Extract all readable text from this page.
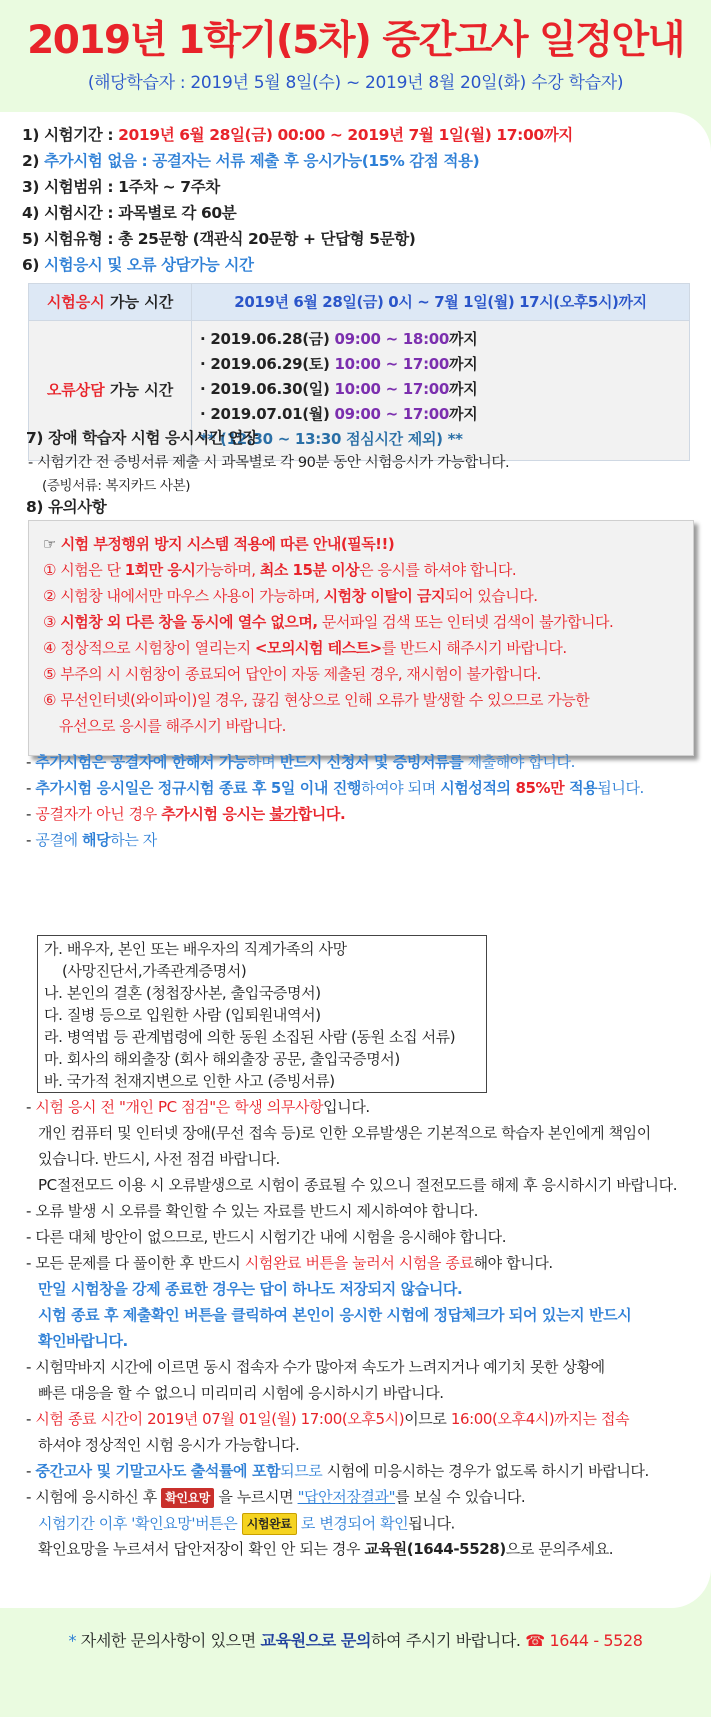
2019년 1학기(5차) 중간고사 일정안내
(해당학습자 : 2019년 5월 8일(수) ~ 2019년 8월 20일(화) 수강 학습자)
1) 시험기간 : 2019년 6월 28일(금) 00:00 ~ 2019년 7월 1일(월) 17:00까지
2) 추가시험 없음 : 공결자는 서류 제출 후 응시가능(15% 감점 적용)
3) 시험범위 : 1주차 ~ 7주차
4) 시험시간 : 과목별로 각 60분
5) 시험유형 : 총 25문항 (객관식 20문항 + 단답형 5문항)
6) 시험응시 및 오류 상담가능 시간
시험응시 가능 시간	2019년 6월 28일(금) 0시 ~ 7월 1일(월) 17시(오후5시)까지
오류상담 가능 시간
· 2019.06.28(금) 09:00 ~ 18:00까지
· 2019.06.29(토) 10:00 ~ 17:00까지
· 2019.06.30(일) 10:00 ~ 17:00까지
· 2019.07.01(월) 09:00 ~ 17:00까지
** (12:30 ~ 13:30 점심시간 제외) **
7) 장애 학습자 시험 응시시간 연장
- 시험기간 전 증빙서류 제출 시 과목별로 각 90분 동안 시험응시가 가능합니다.
(증빙서류: 복지카드 사본)
8) 유의사항
☞ 시험 부정행위 방지 시스템 적용에 따른 안내(필독!!)
① 시험은 단 1회만 응시가능하며, 최소 15분 이상은 응시를 하셔야 합니다.
② 시험창 내에서만 마우스 사용이 가능하며, 시험창 이탈이 금지되어 있습니다.
③ 시험창 외 다른 창을 동시에 열수 없으며, 문서파일 검색 또는 인터넷 검색이 불가합니다.
④ 정상적으로 시험창이 열리는지 <모의시험 테스트>를 반드시 해주시기 바랍니다.
⑤ 부주의 시 시험창이 종료되어 답안이 자동 제출된 경우, 재시험이 불가합니다.
⑥ 무선인터넷(와이파이)일 경우, 끊김 현상으로 인해 오류가 발생할 수 있으므로 가능한
유선으로 응시를 해주시기 바랍니다.
- 추가시험은 공결자에 한해서 가능하며 반드시 신청서 및 증빙서류를 제출해야 합니다.
- 추가시험 응시일은 정규시험 종료 후 5일 이내 진행하여야 되며 시험성적의 85%만 적용됩니다.
- 공결자가 아닌 경우 추가시험 응시는 불가합니다.
- 공결에 해당하는 자
가. 배우자, 본인 또는 배우자의 직계가족의 사망
(사망진단서,가족관계증명서)
나. 본인의 결혼 (청첩장사본, 출입국증명서)
다. 질병 등으로 입원한 사람 (입퇴원내역서)
라. 병역법 등 관계법령에 의한 동원 소집된 사람 (동원 소집 서류)
마. 회사의 해외출장 (회사 해외출장 공문, 출입국증명서)
바. 국가적 천재지변으로 인한 사고 (증빙서류)
- 시험 응시 전 "개인 PC 점검"은 학생 의무사항입니다.
개인 컴퓨터 및 인터넷 장애(무선 접속 등)로 인한 오류발생은 기본적으로 학습자 본인에게 책임이
있습니다. 반드시, 사전 점검 바랍니다.
PC절전모드 이용 시 오류발생으로 시험이 종료될 수 있으니 절전모드를 해제 후 응시하시기 바랍니다.
- 오류 발생 시 오류를 확인할 수 있는 자료를 반드시 제시하여야 합니다.
- 다른 대체 방안이 없으므로, 반드시 시험기간 내에 시험을 응시해야 합니다.
- 모든 문제를 다 풀이한 후 반드시 시험완료 버튼을 눌러서 시험을 종료해야 합니다.
만일 시험창을 강제 종료한 경우는 답이 하나도 저장되지 않습니다.
시험 종료 후 제출확인 버튼을 클릭하여 본인이 응시한 시험에 정답체크가 되어 있는지 반드시
확인바랍니다.
- 시험막바지 시간에 이르면 동시 접속자 수가 많아져 속도가 느려지거나 예기치 못한 상황에
빠른 대응을 할 수 없으니 미리미리 시험에 응시하시기 바랍니다.
- 시험 종료 시간이 2019년 07월 01일(월) 17:00(오후5시)이므로 16:00(오후4시)까지는 접속
하셔야 정상적인 시험 응시가 가능합니다.
- 중간고사 및 기말고사도 출석률에 포함되므로 시험에 미응시하는 경우가 없도록 하시기 바랍니다.
- 시험에 응시하신 후 확인요망 을 누르시면 "답안저장결과"를 보실 수 있습니다.
시험기간 이후 '확인요망'버튼은 시험완료 로 변경되어 확인됩니다.
확인요망을 누르셔서 답안저장이 확인 안 되는 경우 교육원(1644-5528)으로 문의주세요.
* 자세한 문의사항이 있으면 교육원으로 문의하여 주시기 바랍니다. ☎ 1644 - 5528
